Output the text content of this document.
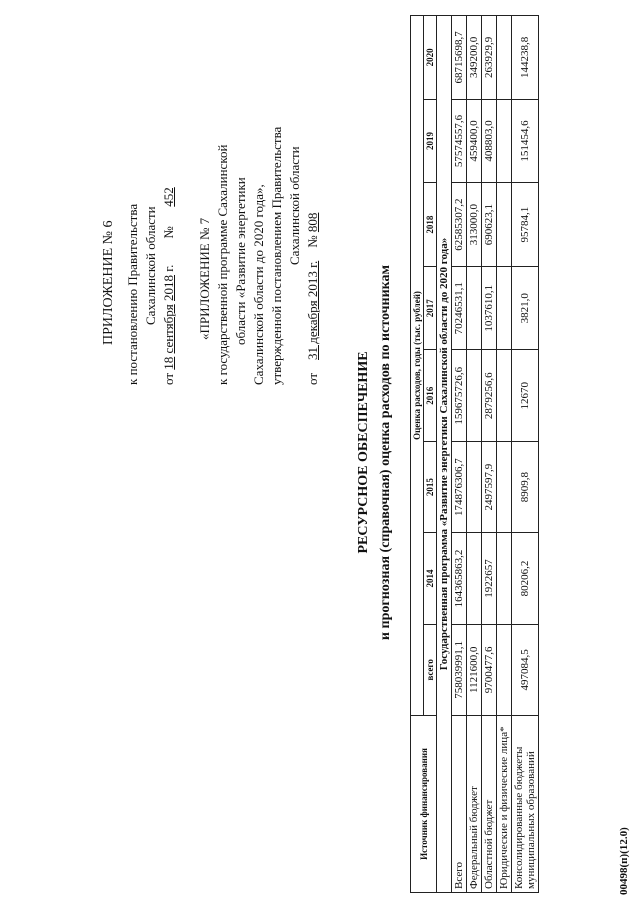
ПРИЛОЖЕНИЕ № 6 к постановлению Правительства Сахалинской области
от 18 сентября 2018 г.        №      452
«ПРИЛОЖЕНИЕ № 7 к государственной программе Сахалинской области «Развитие энергетики Сахалинской области до 2020 года», утвержденной постановлением Правительства Сахалинской области
от    31 декабря 2013 г.    № 808
РЕСУРСНОЕ ОБЕСПЕЧЕНИЕ и прогнозная (справочная) оценка расходов по источникам
Источник финансирования	Оценка расходов, годы (тыс. рублей)							
	всего	2014	2015	2016	2017	2018	2019	2020
Государственная программа «Развитие энергетики Сахалинской области до 2020 года»								
Всего	758039991,1	164365863,2	174876306,7	159675726,6	70246531,1	62585307,2	57574557,6	68715698,7
Федеральный бюджет	1121600,0					313000,0	459400,0	349200,0
Областной бюджет	9700477,6	1922657	2497597,9	2879256,6	1037610,1	690623,1	408803,0	263929,9
Юридические и физические лица*								
Консолидированные бюджеты муниципальных образований	497084,5	80206,2	8909,8	12670	3821,0	95784,1	151454,6	144238,8
00498(п)(12.0)
